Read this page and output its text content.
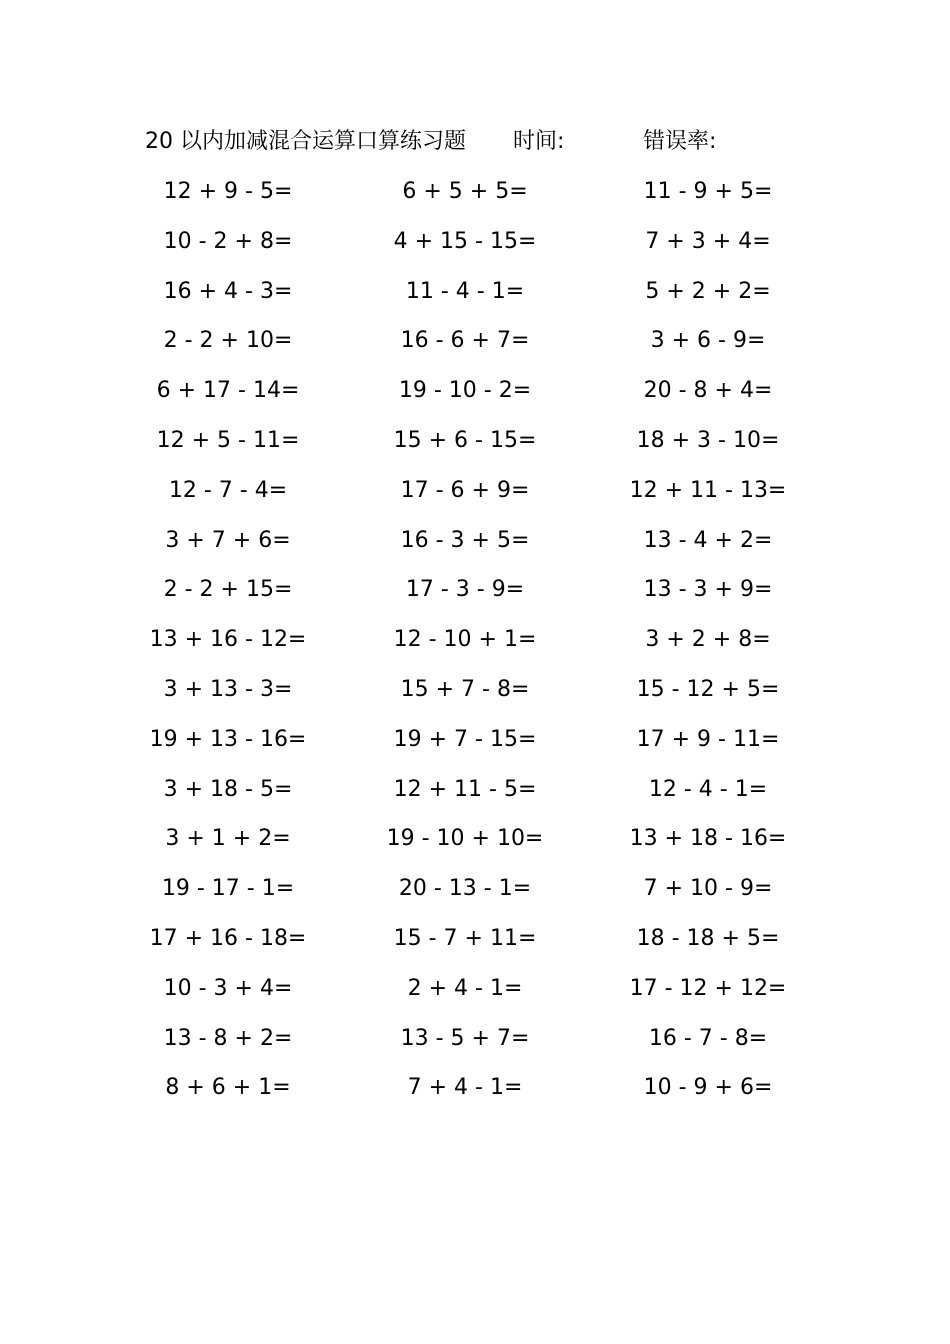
20 以内加减混合运算口算练习题 时间:	错误率:
12 + 9 - 5=	6 + 5 + 5=	11 - 9 + 5=
10 - 2 + 8=	4 + 15 - 15=	7 + 3 + 4=
16 + 4 - 3=	11 - 4 - 1=	5 + 2 + 2=
2 - 2 + 10=	16 - 6 + 7=	3 + 6 - 9=
6 + 17 - 14=	19 - 10 - 2=	20 - 8 + 4=
12 + 5 - 11=	15 + 6 - 15=	18 + 3 - 10=
12 - 7 - 4=	17 - 6 + 9=	12 + 11 - 13=
3 + 7 + 6=	16 - 3 + 5=	13 - 4 + 2=
2 - 2 + 15=	17 - 3 - 9=	13 - 3 + 9=
13 + 16 - 12=	12 - 10 + 1=	3 + 2 + 8=
3 + 13 - 3=	15 + 7 - 8=	15 - 12 + 5=
19 + 13 - 16=	19 + 7 - 15=	17 + 9 - 11=
3 + 18 - 5=	12 + 11 - 5=	12 - 4 - 1=
3 + 1 + 2=	19 - 10 + 10=	13 + 18 - 16=
19 - 17 - 1=	20 - 13 - 1=	7 + 10 - 9=
17 + 16 - 18=	15 - 7 + 11=	18 - 18 + 5=
10 - 3 + 4=	2 + 4 - 1=	17 - 12 + 12=
13 - 8 + 2=	13 - 5 + 7=	16 - 7 - 8=
8 + 6 + 1=	7 + 4 - 1=	10 - 9 + 6=
